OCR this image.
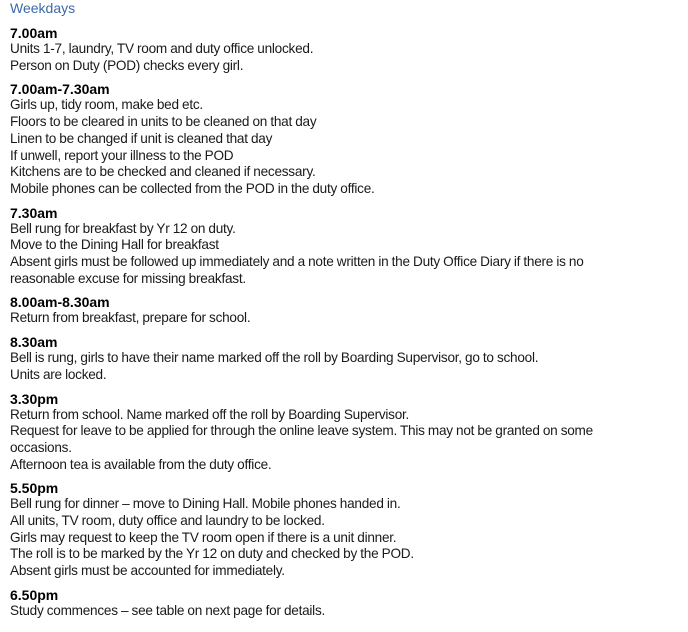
Weekdays
7.00am
Units 1-7, laundry, TV room and duty office unlocked.
Person on Duty (POD) checks every girl.
7.00am-7.30am
Girls up, tidy room, make bed etc.
Floors to be cleared in units to be cleaned on that day
Linen to be changed if unit is cleaned that day
If unwell, report your illness to the POD
Kitchens are to be checked and cleaned if necessary.
Mobile phones can be collected from the POD in the duty office.
7.30am
Bell rung for breakfast by Yr 12 on duty.
Move to the Dining Hall for breakfast
Absent girls must be followed up immediately and a note written in the Duty Office Diary if there is no
reasonable excuse for missing breakfast.
8.00am-8.30am
Return from breakfast, prepare for school.
8.30am
Bell is rung, girls to have their name marked off the roll by Boarding Supervisor, go to school.
Units are locked.
3.30pm
Return from school. Name marked off the roll by Boarding Supervisor.
Request for leave to be applied for through the online leave system. This may not be granted on some
occasions.
Afternoon tea is available from the duty office.
5.50pm
Bell rung for dinner – move to Dining Hall. Mobile phones handed in.
All units, TV room, duty office and laundry to be locked.
Girls may request to keep the TV room open if there is a unit dinner.
The roll is to be marked by the Yr 12 on duty and checked by the POD.
Absent girls must be accounted for immediately.
6.50pm
Study commences – see table on next page for details.
